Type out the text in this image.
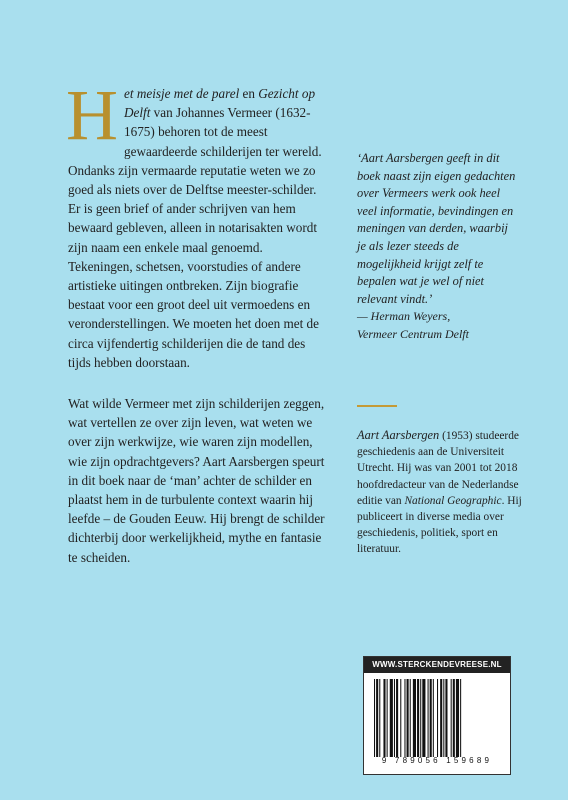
Het meisje met de parel en Gezicht op Delft van Johannes Vermeer (1632-1675) behoren tot de meest gewaardeerde schilderijen ter wereld. Ondanks zijn vermaarde reputatie weten we zo goed als niets over de Delftse meester-schilder. Er is geen brief of ander schrijven van hem bewaard gebleven, alleen in notarisakten wordt zijn naam een enkele maal genoemd. Tekeningen, schetsen, voorstudies of andere artistieke uitingen ontbreken. Zijn biografie bestaat voor een groot deel uit vermoedens en veronderstellingen. We moeten het doen met de circa vijfendertig schilderijen die de tand des tijds hebben doorstaan.

Wat wilde Vermeer met zijn schilderijen zeggen, wat vertellen ze over zijn leven, wat weten we over zijn werkwijze, wie waren zijn modellen, wie zijn opdrachtgevers? Aart Aarsbergen speurt in dit boek naar de ‘man’ achter de schilder en plaatst hem in de turbulente context waarin hij leefde – de Gouden Eeuw. Hij brengt de schilder dichterbij door werkelijkheid, mythe en fantasie te scheiden.

‘Aart Aarsbergen geeft in dit boek naast zijn eigen gedachten over Vermeers werk ook heel veel informatie, bevindingen en meningen van derden, waarbij je als lezer steeds de mogelijkheid krijgt zelf te bepalen wat je wel of niet relevant vindt.’

— Herman Weyers,

Vermeer Centrum Delft

Aart Aarsbergen (1953) studeerde geschiedenis aan de Universiteit Utrecht. Hij was van 2001 tot 2018 hoofdredacteur van de Nederlandse editie van National Geographic. Hij publiceert in diverse media over geschiedenis, politiek, sport en literatuur.

WWW.STERCKENDEVREESE.NL
9 789056 159689
